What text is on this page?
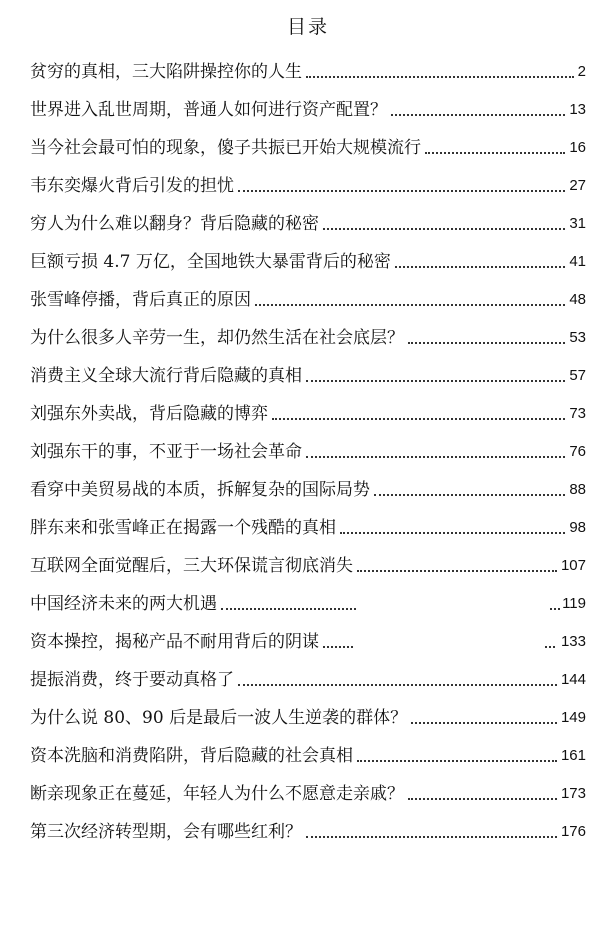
目录
贫穷的真相，三大陷阱操控你的人生	2
世界进入乱世周期，普通人如何进行资产配置？	13
当今社会最可怕的现象，傻子共振已开始大规模流行	16
韦东奕爆火背后引发的担忧	27
穷人为什么难以翻身？背后隐藏的秘密	31
巨额亏损 4.7 万亿，全国地铁大暴雷背后的秘密	41
张雪峰停播，背后真正的原因	48
为什么很多人辛劳一生，却仍然生活在社会底层？	53
消费主义全球大流行背后隐藏的真相	57
刘强东外卖战，背后隐藏的博弈	73
刘强东干的事，不亚于一场社会革命	76
看穿中美贸易战的本质，拆解复杂的国际局势	88
胖东来和张雪峰正在揭露一个残酷的真相	98
互联网全面觉醒后，三大环保谎言彻底消失	107
中国经济未来的两大机遇	119
资本操控，揭秘产品不耐用背后的阴谋	133
提振消费，终于要动真格了	144
为什么说 80、90 后是最后一波人生逆袭的群体？	149
资本洗脑和消费陷阱，背后隐藏的社会真相	161
断亲现象正在蔓延，年轻人为什么不愿意走亲戚？	173
第三次经济转型期，会有哪些红利？	176
